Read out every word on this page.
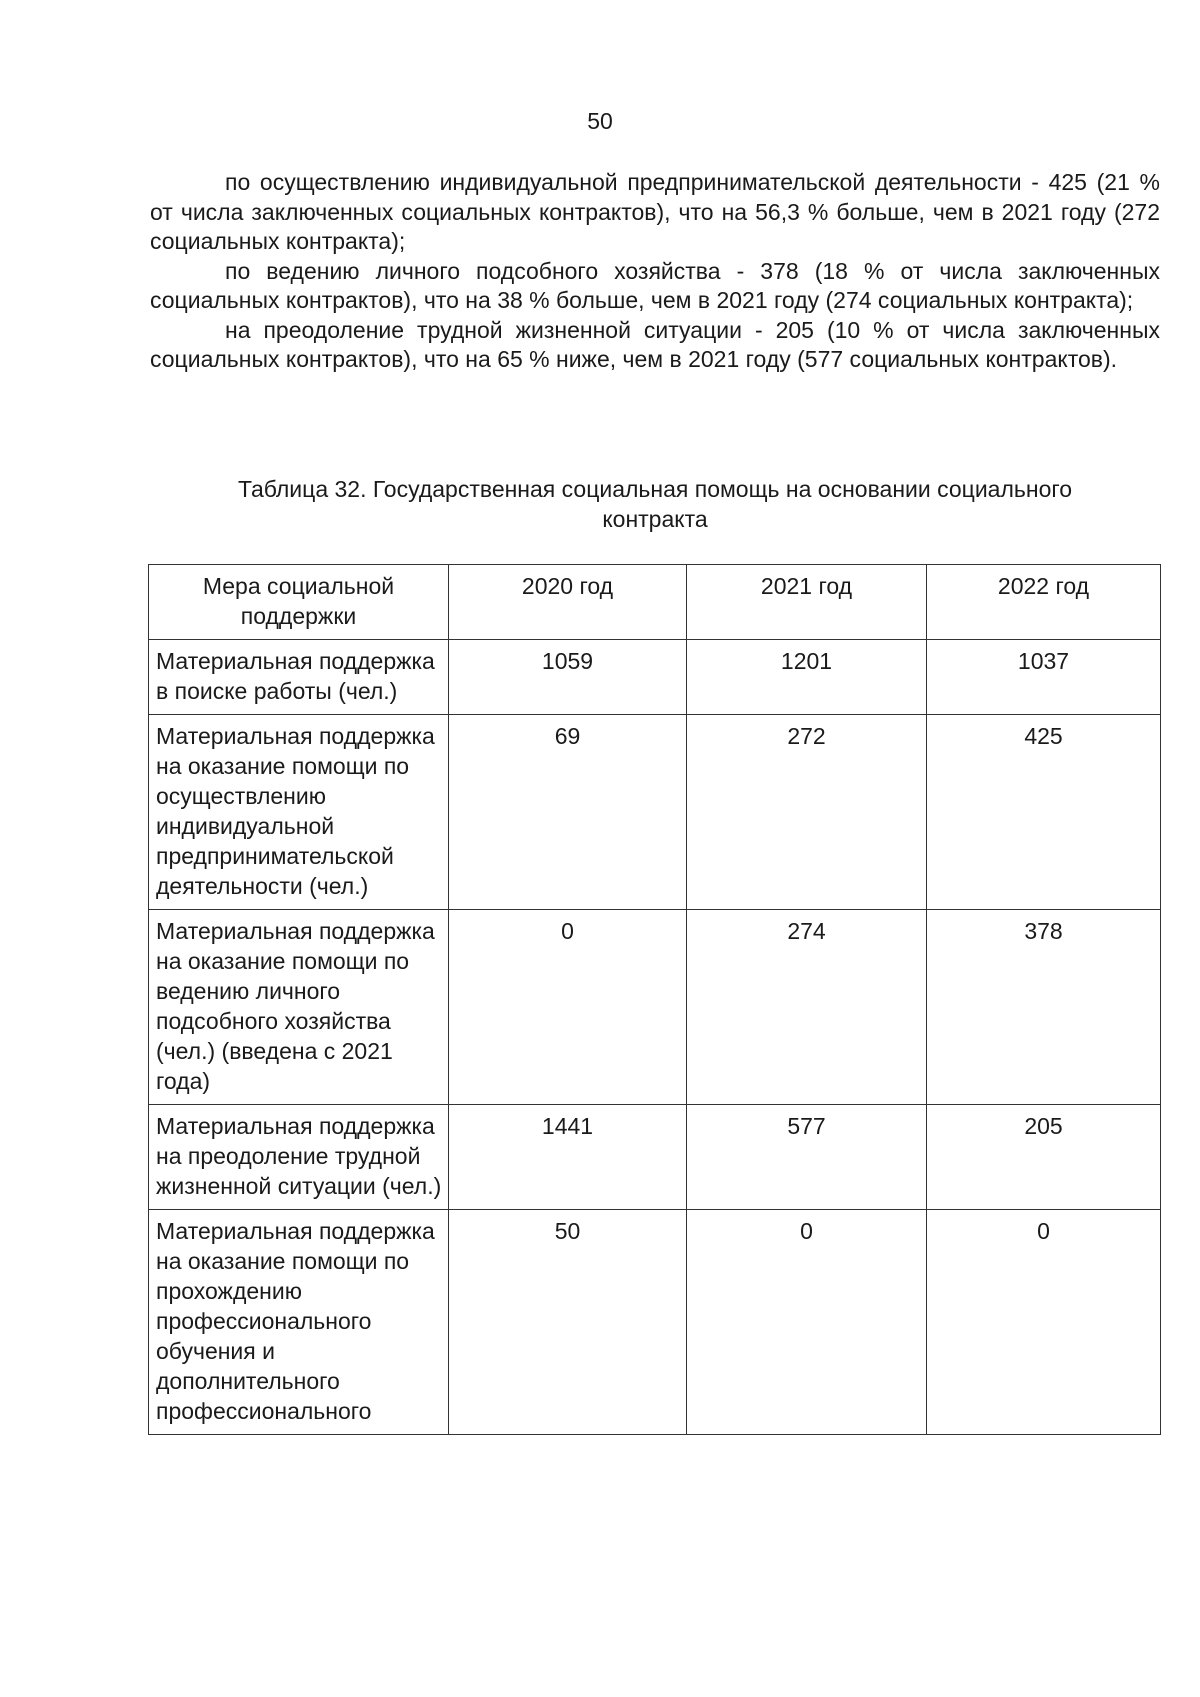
50

по осуществлению индивидуальной предпринимательской деятельности - 425 (21 % от числа заключенных социальных контрактов), что на 56,3 % больше, чем в 2021 году (272 социальных контракта);

по ведению личного подсобного хозяйства - 378 (18 % от числа заключенных социальных контрактов), что на 38 % больше, чем в 2021 году (274 социальных контракта);

на преодоление трудной жизненной ситуации - 205 (10 % от числа заключенных социальных контрактов), что на 65 % ниже, чем в 2021 году (577 социальных контрактов).

Таблица 32. Государственная социальная помощь на основании социального
контракта
Мера социальной поддержки	2020 год	2021 год	2022 год
Материальная поддержка в поиске работы (чел.)	1059	1201	1037
Материальная поддержка на оказание помощи по осуществлению индивидуальной предпринимательской деятельности (чел.)	69	272	425
Материальная поддержка на оказание помощи по ведению личного подсобного хозяйства (чел.) (введена с 2021 года)	0	274	378
Материальная поддержка на преодоление трудной жизненной ситуации (чел.)	1441	577	205
Материальная поддержка на оказание помощи по прохождению профессионального обучения и дополнительного профессионального	50	0	0
